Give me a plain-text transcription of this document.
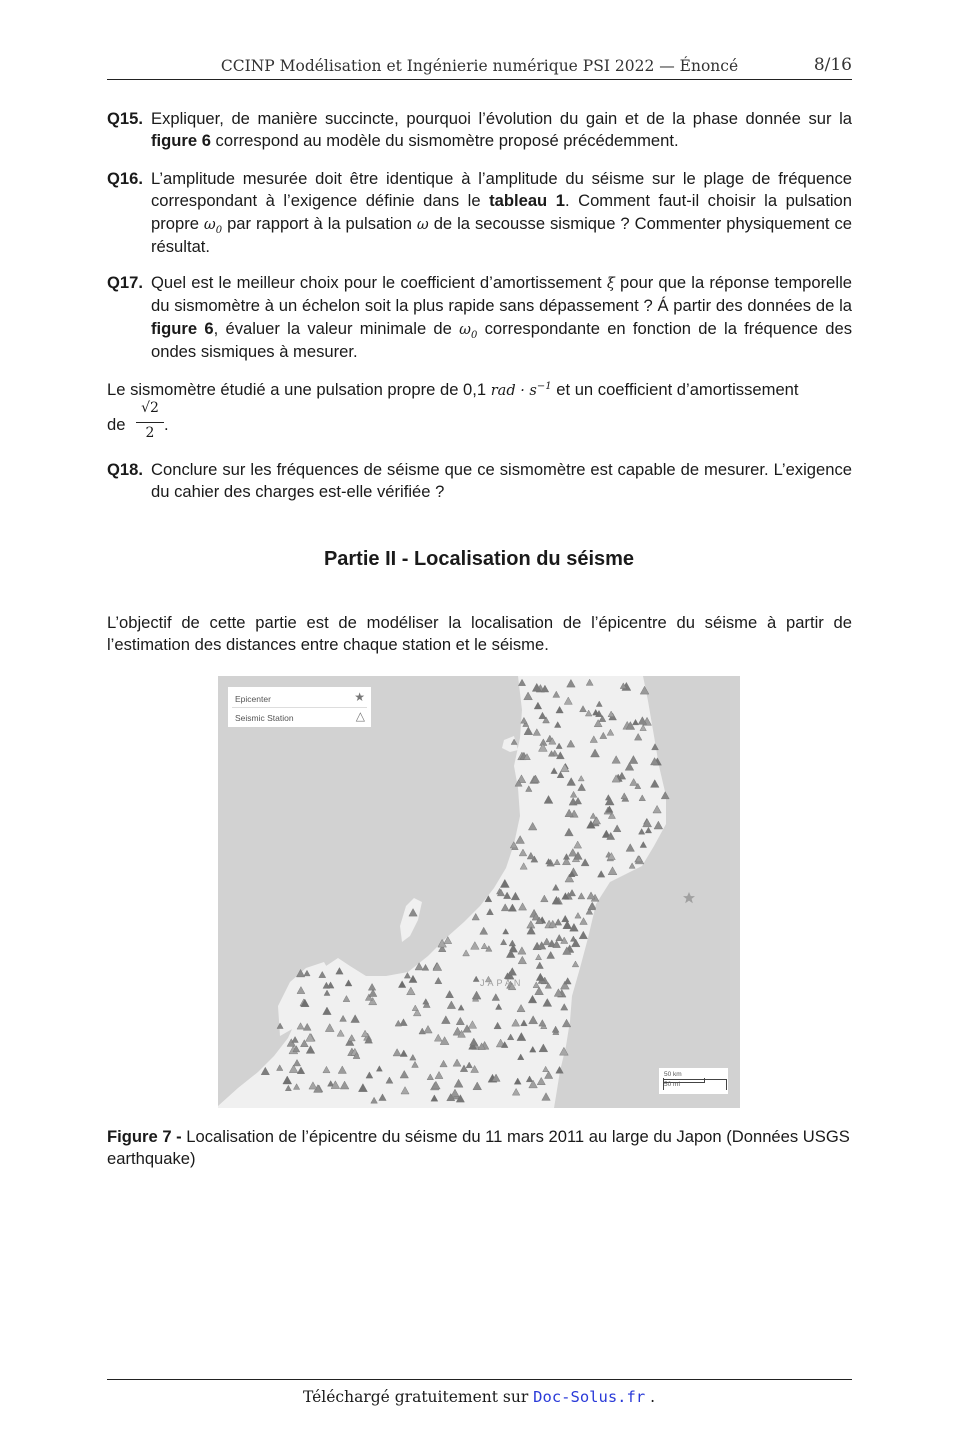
CCINP Modélisation et Ingénierie numérique PSI 2022 — Énoncé	8/16
Q15. Expliquer, de manière succincte, pourquoi l’évolution du gain et de la phase donnée sur la figure 6 correspond au modèle du sismomètre proposé précédemment.
Q16. L’amplitude mesurée doit être identique à l’amplitude du séisme sur le plage de fréquence correspondant à l’exigence définie dans le tableau 1. Comment faut-il choisir la pulsation propre $\omega_0$ par rapport à la pulsation ω de la secousse sismique ? Commenter physiquement ce résultat.
Q17. Quel est le meilleur choix pour le coefficient d’amortissement ξ pour que la réponse temporelle du sismomètre à un échelon soit la plus rapide sans dépassement ? Á partir des données de la figure 6, évaluer la valeur minimale de $\omega_0$ correspondante en fonction de la fréquence des ondes sismiques à mesurer.
Le sismomètre étudié a une pulsation propre de 0,1 rad · $s^{-1}$ et un coefficient d’amortissement
de $\frac{√2}{2}$ .
Q18. Conclure sur les fréquences de séisme que ce sismomètre est capable de mesurer. L’exigence du cahier des charges est-elle vérifiée ?
Partie II - Localisation du séisme
L’objectif de cette partie est de modéliser la localisation de l’épicentre du séisme à partir de l’estimation des distances entre chaque station et le séisme.
Epicenter	★
Seismic Station	△
JAPAN
50 km
50 mi
Figure 7 - Localisation de l’épicentre du séisme du 11 mars 2011 au large du Japon (Données USGS earthquake)
Téléchargé gratuitement sur Doc-Solus.fr .
